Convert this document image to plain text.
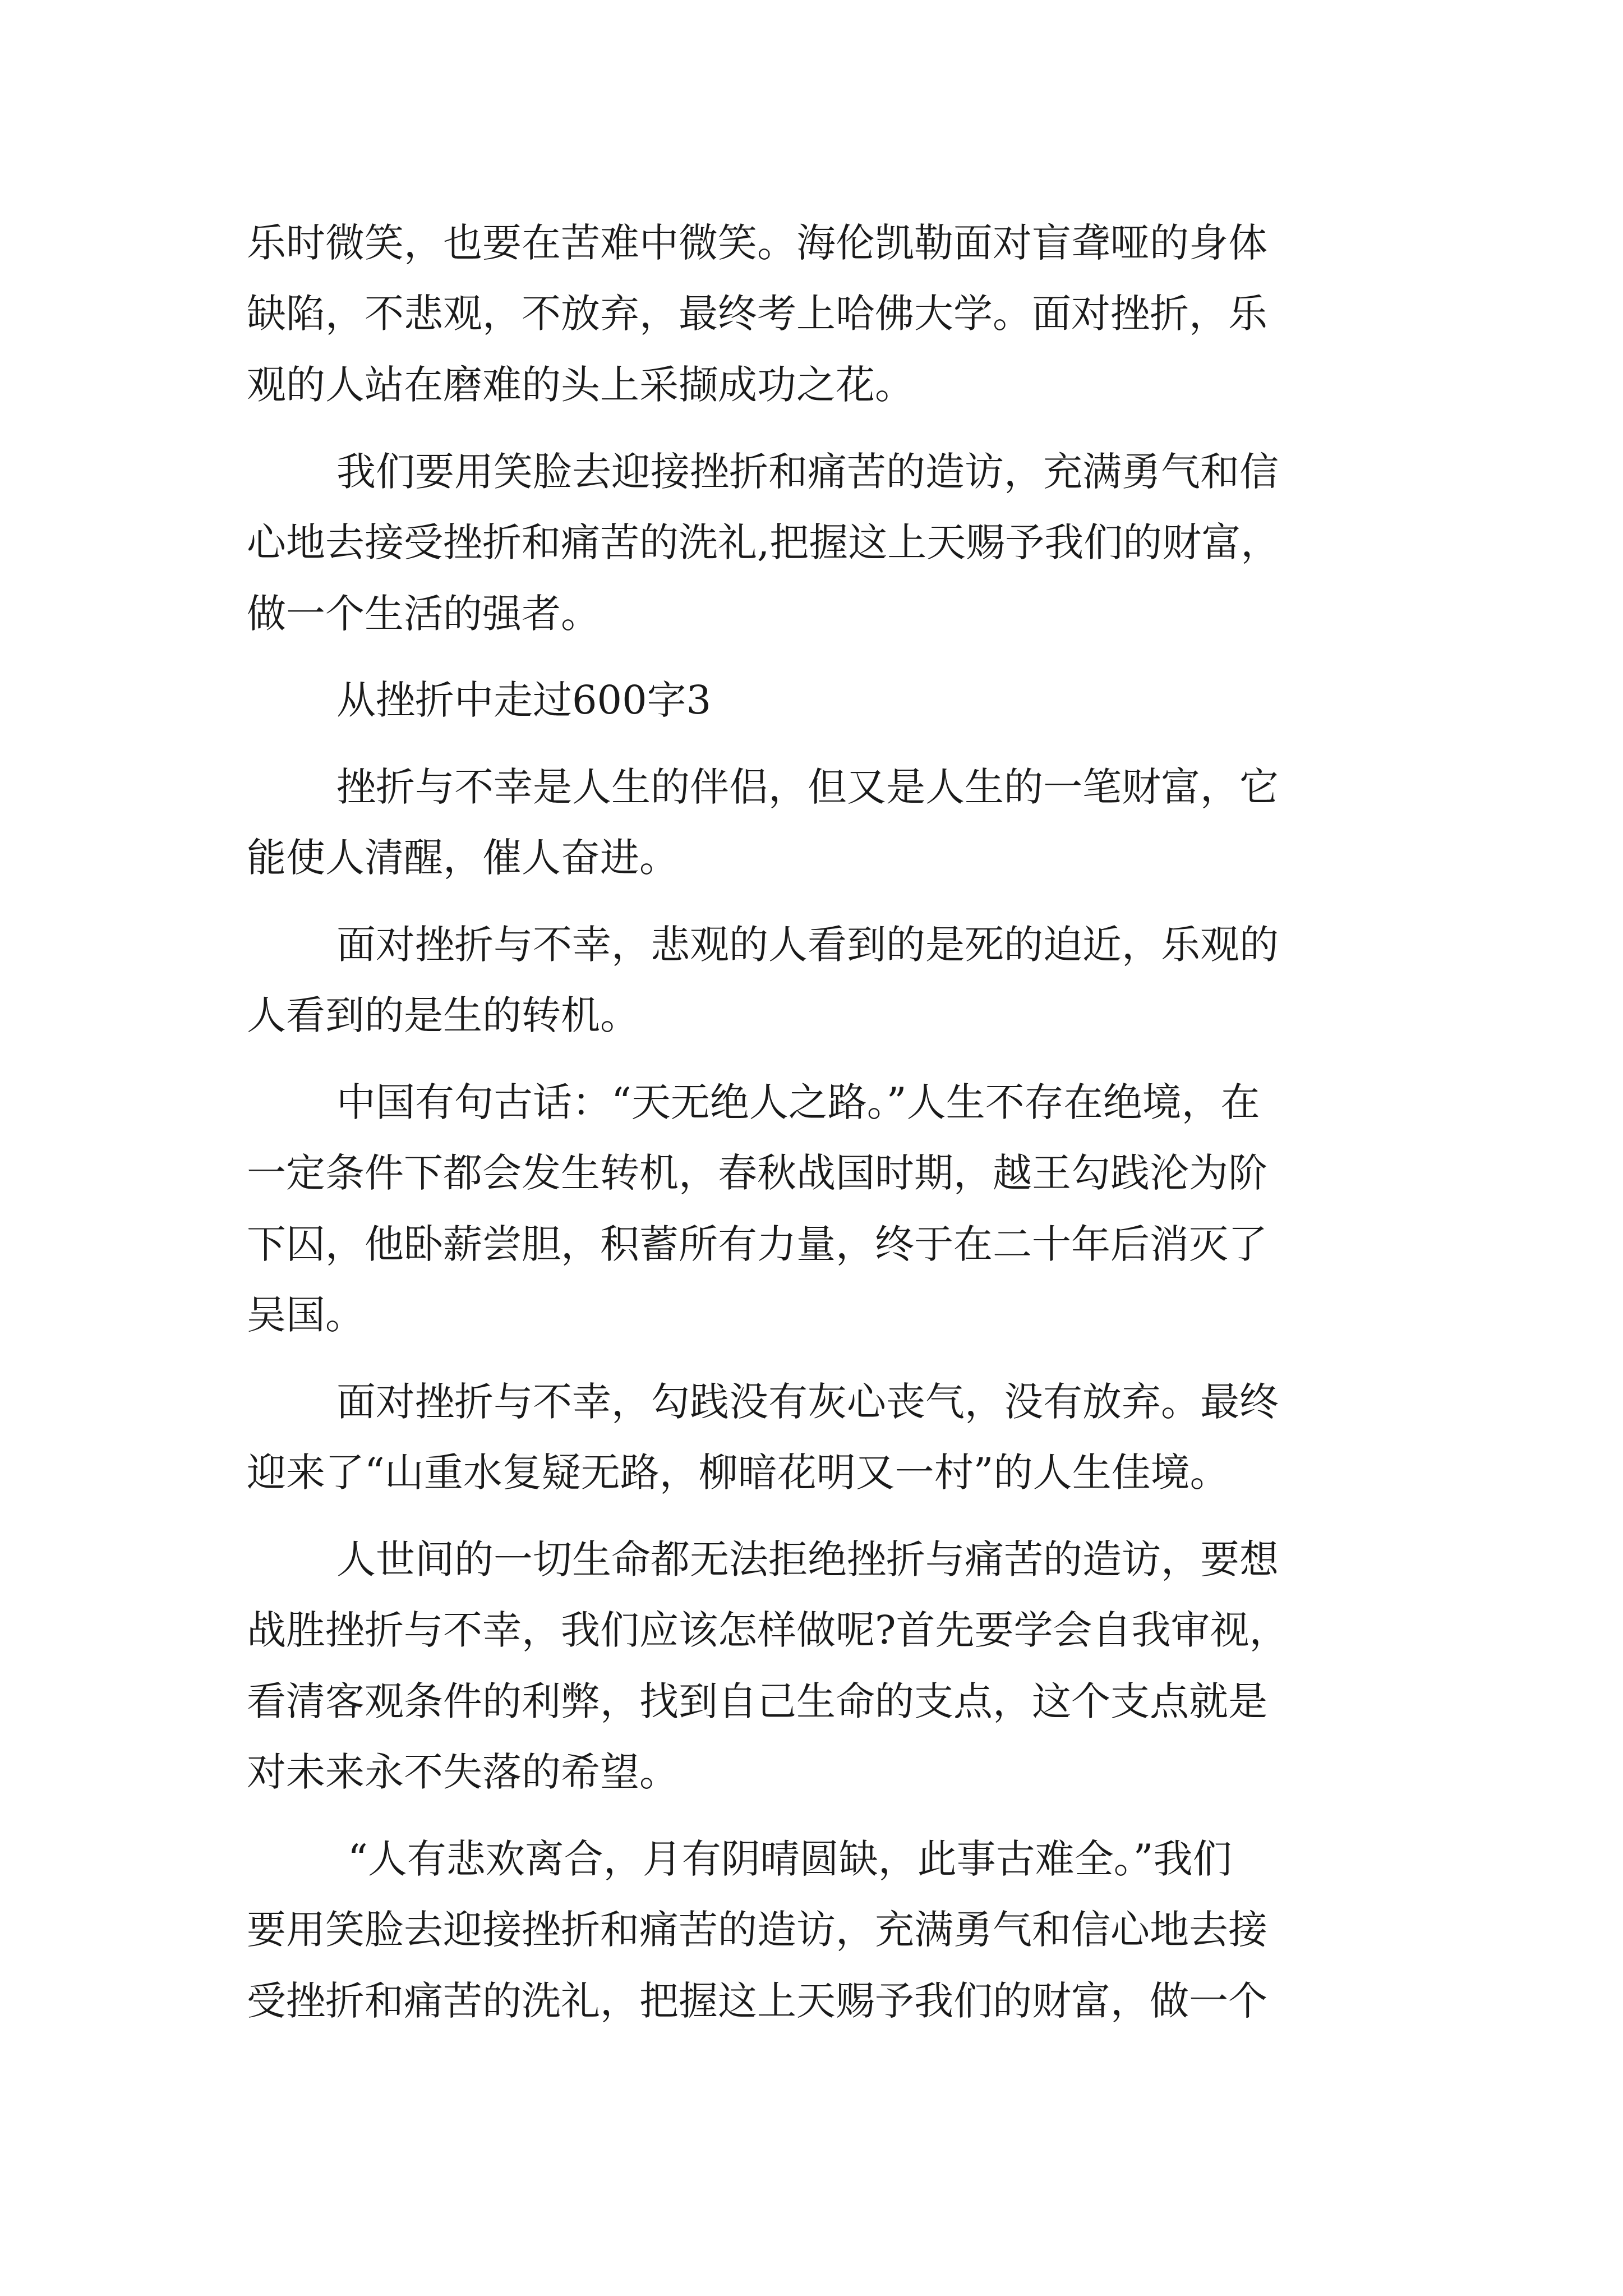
乐时微笑，也要在苦难中微笑。海伦凯勒面对盲聋哑的身体
缺陷，不悲观，不放弃，最终考上哈佛大学。面对挫折，乐
观的人站在磨难的头上采撷成功之花。
我们要用笑脸去迎接挫折和痛苦的造访，充满勇气和信
心地去接受挫折和痛苦的洗礼,把握这上天赐予我们的财富，
做一个生活的强者。
从挫折中走过600字3
挫折与不幸是人生的伴侣，但又是人生的一笔财富，它
能使人清醒，催人奋进。
面对挫折与不幸，悲观的人看到的是死的迫近，乐观的
人看到的是生的转机。
中国有句古话：“天无绝人之路。”人生不存在绝境，在
一定条件下都会发生转机，春秋战国时期，越王勾践沦为阶
下囚，他卧薪尝胆，积蓄所有力量，终于在二十年后消灭了
吴国。
面对挫折与不幸，勾践没有灰心丧气，没有放弃。最终
迎来了“山重水复疑无路，柳暗花明又一村”的人生佳境。
人世间的一切生命都无法拒绝挫折与痛苦的造访，要想
战胜挫折与不幸，我们应该怎样做呢?首先要学会自我审视，
看清客观条件的利弊，找到自己生命的支点，这个支点就是
对未来永不失落的希望。
“人有悲欢离合，月有阴晴圆缺，此事古难全。”我们
要用笑脸去迎接挫折和痛苦的造访，充满勇气和信心地去接
受挫折和痛苦的洗礼，把握这上天赐予我们的财富，做一个
